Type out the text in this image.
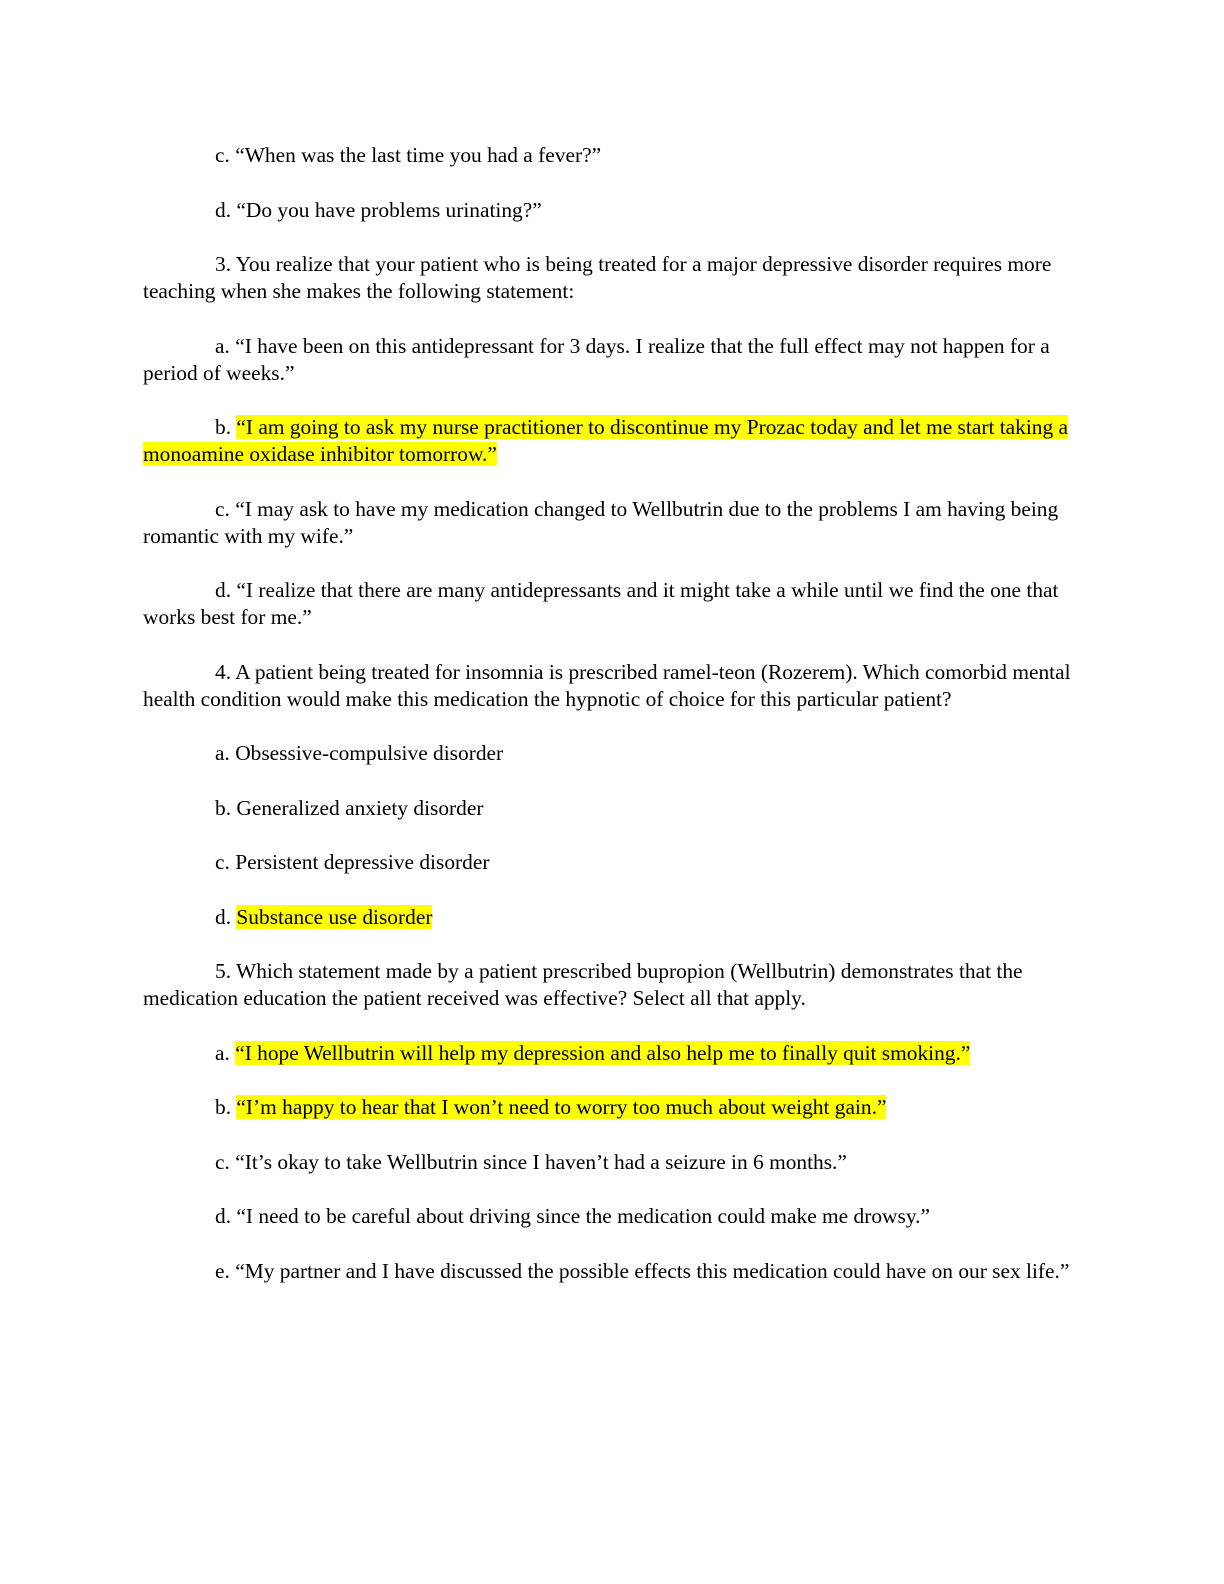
c. “When was the last time you had a fever?”

d. “Do you have problems urinating?”

3. You realize that your patient who is being treated for a major depressive disorder requires more teaching when she makes the following statement:

a. “I have been on this antidepressant for 3 days. I realize that the full effect may not happen for a period of weeks.”

b. “I am going to ask my nurse practitioner to discontinue my Prozac today and let me start taking a monoamine oxidase inhibitor tomorrow.”

c. “I may ask to have my medication changed to Wellbutrin due to the problems I am having being romantic with my wife.”

d. “I realize that there are many antidepressants and it might take a while until we find the one that works best for me.”

4. A patient being treated for insomnia is prescribed ramel-teon (Rozerem). Which comorbid mental health condition would make this medication the hypnotic of choice for this particular patient?

a. Obsessive-compulsive disorder

b. Generalized anxiety disorder

c. Persistent depressive disorder

d. Substance use disorder

5. Which statement made by a patient prescribed bupropion (Wellbutrin) demonstrates that the medication education the patient received was effective? Select all that apply.

a. “I hope Wellbutrin will help my depression and also help me to finally quit smoking.”

b. “I’m happy to hear that I won’t need to worry too much about weight gain.”

c. “It’s okay to take Wellbutrin since I haven’t had a seizure in 6 months.”

d. “I need to be careful about driving since the medication could make me drowsy.”

e. “My partner and I have discussed the possible effects this medication could have on our sex life.”
